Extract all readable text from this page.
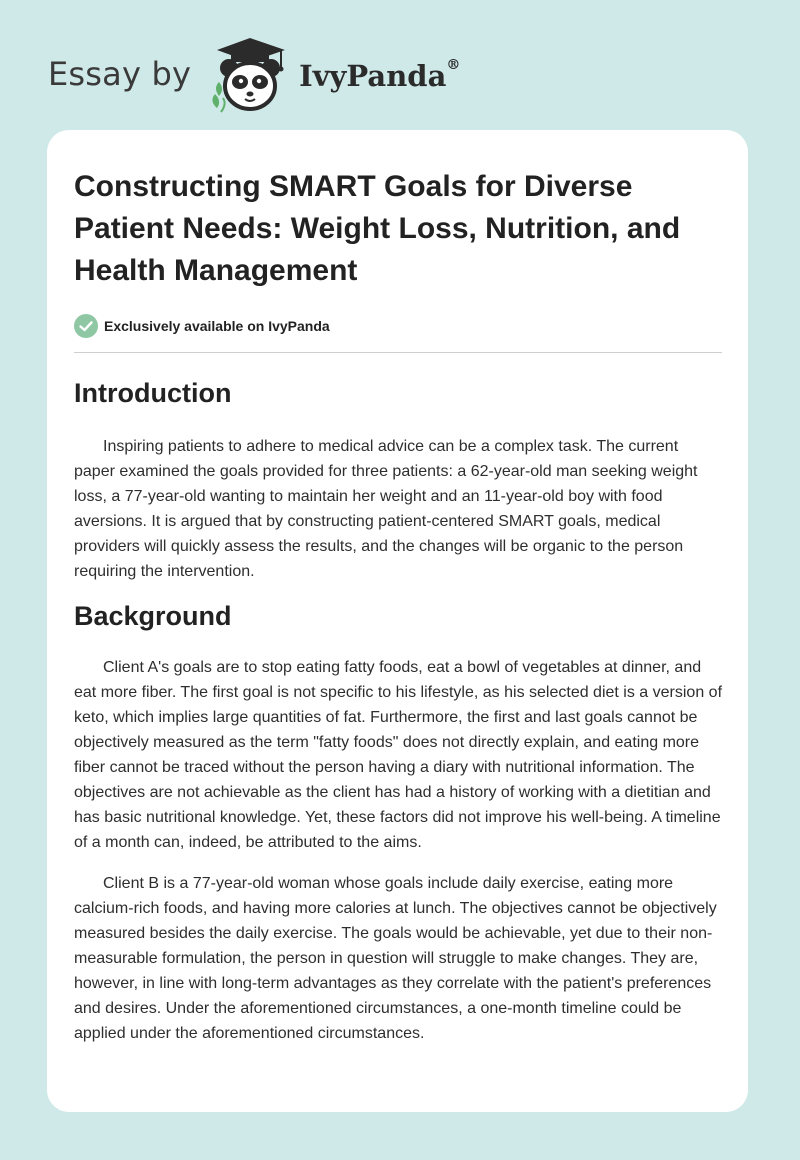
Essay by	IvyPanda®
Constructing SMART Goals for Diverse Patient Needs: Weight Loss, Nutrition, and Health Management
Exclusively available on IvyPanda
Introduction

Inspiring patients to adhere to medical advice can be a complex task. The current paper examined the goals provided for three patients: a 62-year-old man seeking weight loss, a 77-year-old wanting to maintain her weight and an 11-year-old boy with food aversions. It is argued that by constructing patient-centered SMART goals, medical providers will quickly assess the results, and the changes will be organic to the person requiring the intervention.

Background

Client A's goals are to stop eating fatty foods, eat a bowl of vegetables at dinner, and eat more fiber. The first goal is not specific to his lifestyle, as his selected diet is a version of keto, which implies large quantities of fat. Furthermore, the first and last goals cannot be objectively measured as the term "fatty foods" does not directly explain, and eating more fiber cannot be traced without the person having a diary with nutritional information. The objectives are not achievable as the client has had a history of working with a dietitian and has basic nutritional knowledge. Yet, these factors did not improve his well-being. A timeline of a month can, indeed, be attributed to the aims.

Client B is a 77-year-old woman whose goals include daily exercise, eating more calcium-rich foods, and having more calories at lunch. The objectives cannot be objectively measured besides the daily exercise. The goals would be achievable, yet due to their non-measurable formulation, the person in question will struggle to make changes. They are, however, in line with long-term advantages as they correlate with the patient's preferences and desires. Under the aforementioned circumstances, a one-month timeline could be applied under the aforementioned circumstances.
